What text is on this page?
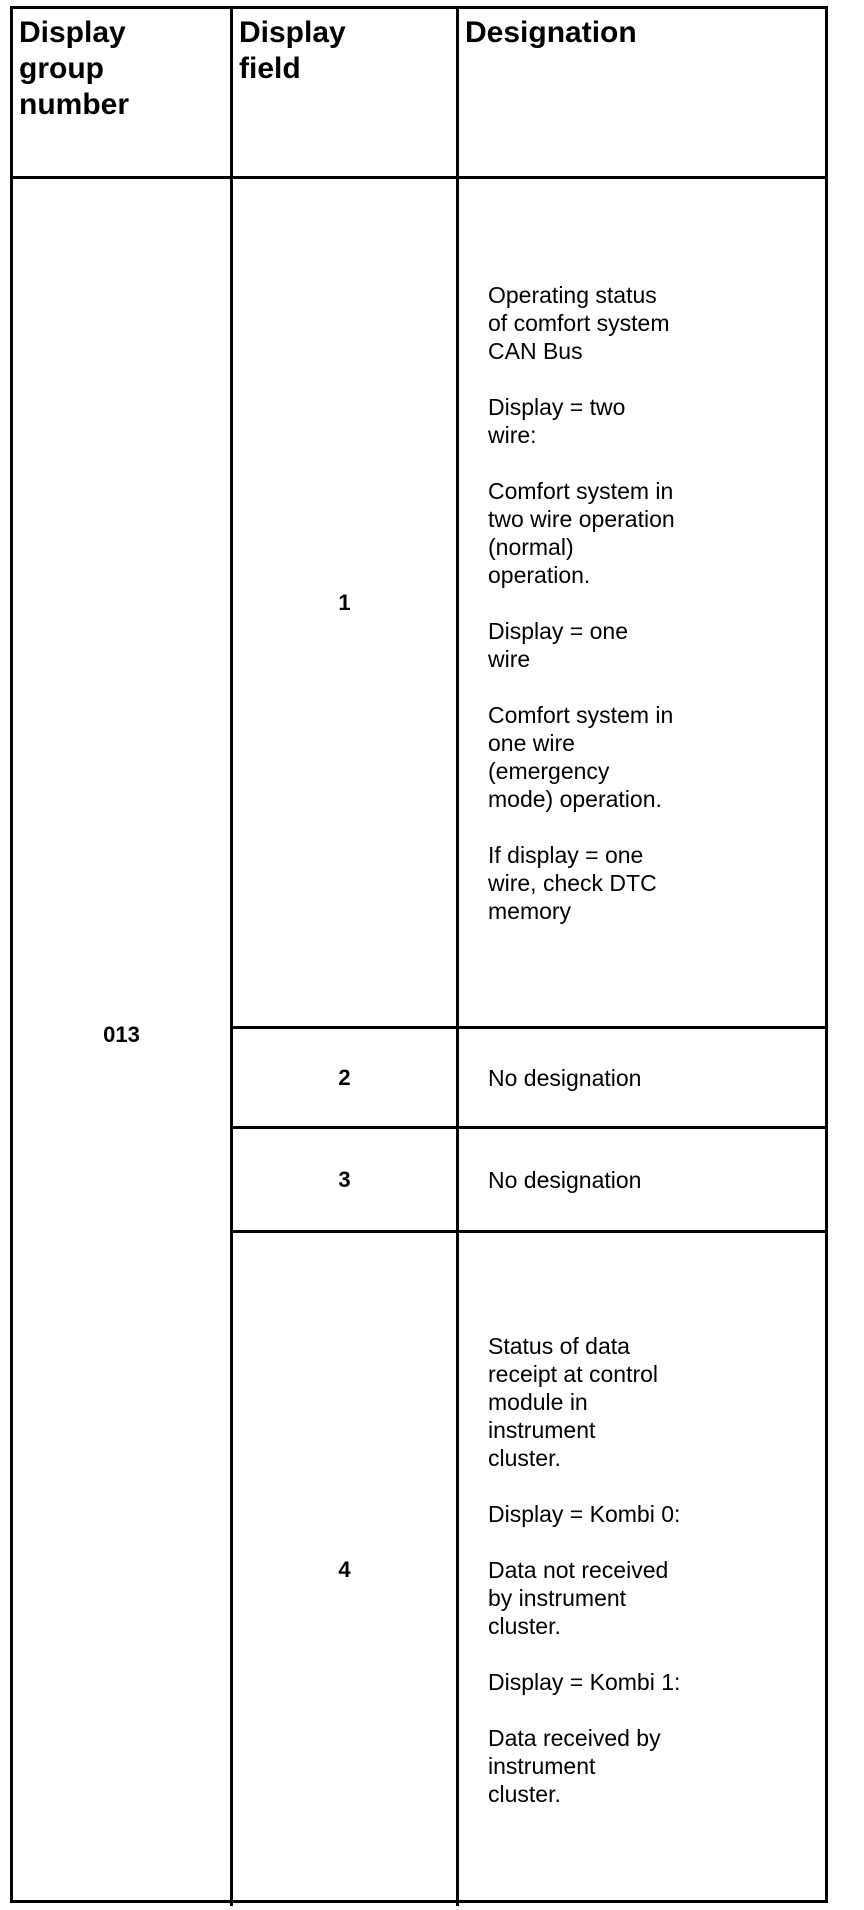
Display
group
number
Display
field
Designation
013
1

Operating status
of comfort system
CAN Bus

Display = two
wire:

Comfort system in
two wire operation
(normal)
operation.

Display = one
wire

Comfort system in
one wire
(emergency
mode) operation.

If display = one
wire, check DTC
memory

2	No designation

3	No designation

4

Status of data
receipt at control
module in
instrument
cluster.

Display = Kombi 0:

Data not received
by instrument
cluster.

Display = Kombi 1:

Data received by
instrument
cluster.
